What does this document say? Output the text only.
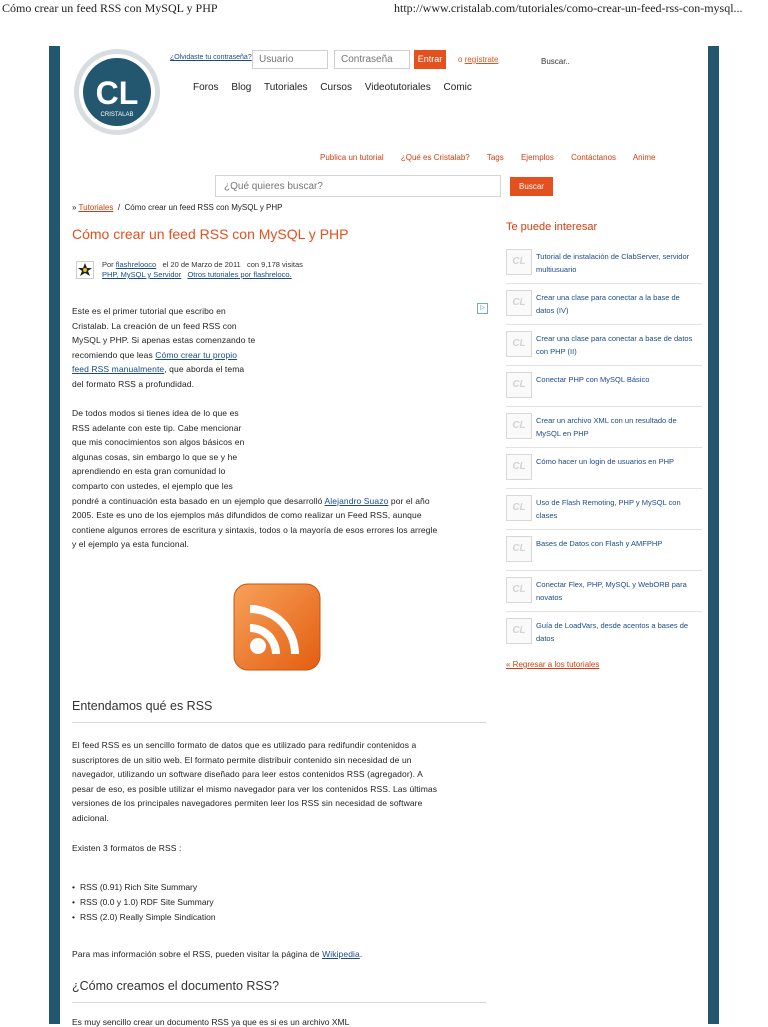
Cómo crear un feed RSS con MySQL y PHP	http://www.cristalab.com/tutoriales/como-crear-un-feed-rss-con-mysql...
CL
CRISTALAB
¿Olvidaste tu contraseña?
Usuario	Entrar	o regístrate	Buscar..
Foros Blog Tutoriales Cursos Videotutoriales Comic
Publica un tutorial ¿Qué es Cristalab? Tags Ejemplos Contáctanos Anime
¿Qué quieres buscar?
Buscar
» Tutoriales / Cómo crear un feed RSS con MySQL y PHP
Cómo crear un feed RSS con MySQL y PHP
Por flashrelooco el 20 de Marzo de 2011 con 9,178 visitas
PHP, MySQL y Servidor Otros tutoriales por flashreloco.
▷
Este es el primer tutorial que escribo en
Cristalab. La creación de un feed RSS con
MySQL y PHP. Si apenas estas comenzando te
recomiendo que leas Cómo crear tu propio
feed RSS manualmente, que aborda el tema
del formato RSS a profundidad.
De todos modos si tienes idea de lo que es
RSS adelante con este tip. Cabe mencionar
que mis conocimientos son algos básicos en
algunas cosas, sin embargo lo que se y he
aprendiendo en esta gran comunidad lo
comparto con ustedes, el ejemplo que les
pondré a continuación esta basado en un ejemplo que desarrolló Alejandro Suazo por el año
2005. Este es uno de los ejemplos más difundidos de como realizar un Feed RSS, aunque
contiene algunos errores de escritura y sintaxis, todos o la mayoría de esos errores los arregle
y el ejemplo ya esta funcional.
Entendamos qué es RSS
El feed RSS es un sencillo formato de datos que es utilizado para redifundir contenidos a
suscriptores de un sitio web. El formato permite distribuir contenido sin necesidad de un
navegador, utilizando un software diseñado para leer estos contenidos RSS (agregador). A
pesar de eso, es posible utilizar el mismo navegador para ver los contenidos RSS. Las últimas
versiones de los principales navegadores permiten leer los RSS sin necesidad de software
adicional.
Existen 3 formatos de RSS :
• RSS (0.91) Rich Site Summary
• RSS (0.0 y 1.0) RDF Site Summary
• RSS (2.0) Really Simple Sindication
Para mas información sobre el RSS, pueden visitar la página de Wikipedia.
¿Cómo creamos el documento RSS?
Es muy sencillo crear un documento RSS ya que es si es un archivo XML
Te puede interesar
CL	Tutorial de instalación de ClabServer, servidor multiusuario
CL	Crear una clase para conectar a la base de datos (IV)
CL	Crear una clase para conectar a base de datos con PHP (II)
CL	Conectar PHP con MySQL Básico
CL	Crear un archivo XML con un resultado de MySQL en PHP
CL	Cómo hacer un login de usuarios en PHP
CL	Uso de Flash Remoting, PHP y MySQL con clases
CL	Bases de Datos con Flash y AMFPHP
CL	Conectar Flex, PHP, MySQL y WebORB para novatos
CL	Guía de LoadVars, desde acentos a bases de datos
« Regresar a los tutoriales
